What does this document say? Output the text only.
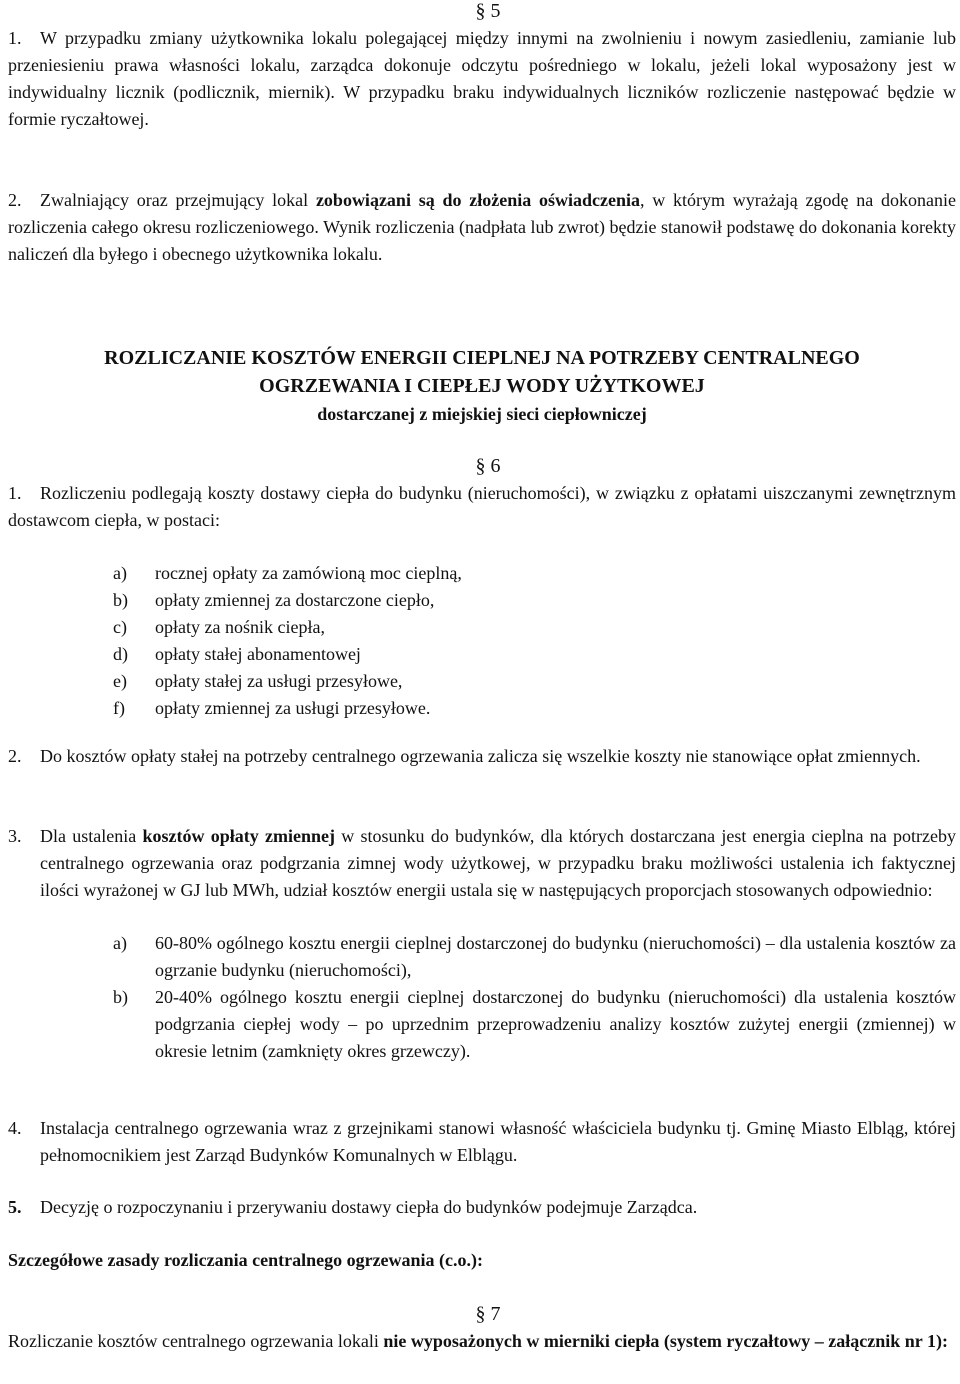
§ 5
1.	W przypadku zmiany użytkownika lokalu polegającej między innymi na zwolnieniu i nowym zasiedleniu, zamianie lub przeniesieniu prawa własności lokalu, zarządca dokonuje odczytu pośredniego w lokalu, jeżeli lokal wyposażony jest w indywidualny licznik (podlicznik, miernik). W przypadku braku indywidualnych liczników rozliczenie następować będzie w formie ryczałtowej.
2.	Zwalniający oraz przejmujący lokal zobowiązani są do złożenia oświadczenia, w którym wyrażają zgodę na dokonanie rozliczenia całego okresu rozliczeniowego. Wynik rozliczenia (nadpłata lub zwrot) będzie stanowił podstawę do dokonania korekty naliczeń dla byłego i obecnego użytkownika lokalu.
ROZLICZANIE KOSZTÓW ENERGII CIEPLNEJ NA POTRZEBY CENTRALNEGO
OGRZEWANIA I CIEPŁEJ WODY UŻYTKOWEJ
dostarczanej z miejskiej sieci ciepłowniczej
§ 6
1.	Rozliczeniu podlegają koszty dostawy ciepła do budynku (nieruchomości), w związku z opłatami uiszczanymi zewnętrznym dostawcom ciepła, w postaci:
a) rocznej opłaty za zamówioną moc cieplną,
b) opłaty zmiennej za dostarczone ciepło,
c) opłaty za nośnik ciepła,
d) opłaty stałej abonamentowej
e) opłaty stałej za usługi przesyłowe,
f) opłaty zmiennej za usługi przesyłowe.
2. Do kosztów opłaty stałej na potrzeby centralnego ogrzewania zalicza się wszelkie koszty nie stanowiące opłat zmiennych.
3. Dla ustalenia kosztów opłaty zmiennej w stosunku do budynków, dla których dostarczana jest energia cieplna na potrzeby centralnego ogrzewania oraz podgrzania zimnej wody użytkowej, w przypadku braku możliwości ustalenia ich faktycznej ilości wyrażonej w GJ lub MWh, udział kosztów energii ustala się w następujących proporcjach stosowanych odpowiednio:
a) 60-80% ogólnego kosztu energii cieplnej dostarczonej do budynku (nieruchomości) – dla ustalenia kosztów za ogrzanie budynku (nieruchomości),
b) 20-40% ogólnego kosztu energii cieplnej dostarczonej do budynku (nieruchomości) dla ustalenia kosztów podgrzania ciepłej wody – po uprzednim przeprowadzeniu analizy kosztów zużytej energii (zmiennej) w okresie letnim (zamknięty okres grzewczy).
4. Instalacja centralnego ogrzewania wraz z grzejnikami stanowi własność właściciela budynku tj. Gminę Miasto Elbląg, której pełnomocnikiem jest Zarząd Budynków Komunalnych w Elblągu.
5. Decyzję o rozpoczynaniu i przerywaniu dostawy ciepła do budynków podejmuje Zarządca.
Szczegółowe zasady rozliczania centralnego ogrzewania (c.o.):
§ 7
Rozliczanie kosztów centralnego ogrzewania lokali nie wyposażonych w mierniki ciepła (system ryczałtowy – załącznik nr 1):
